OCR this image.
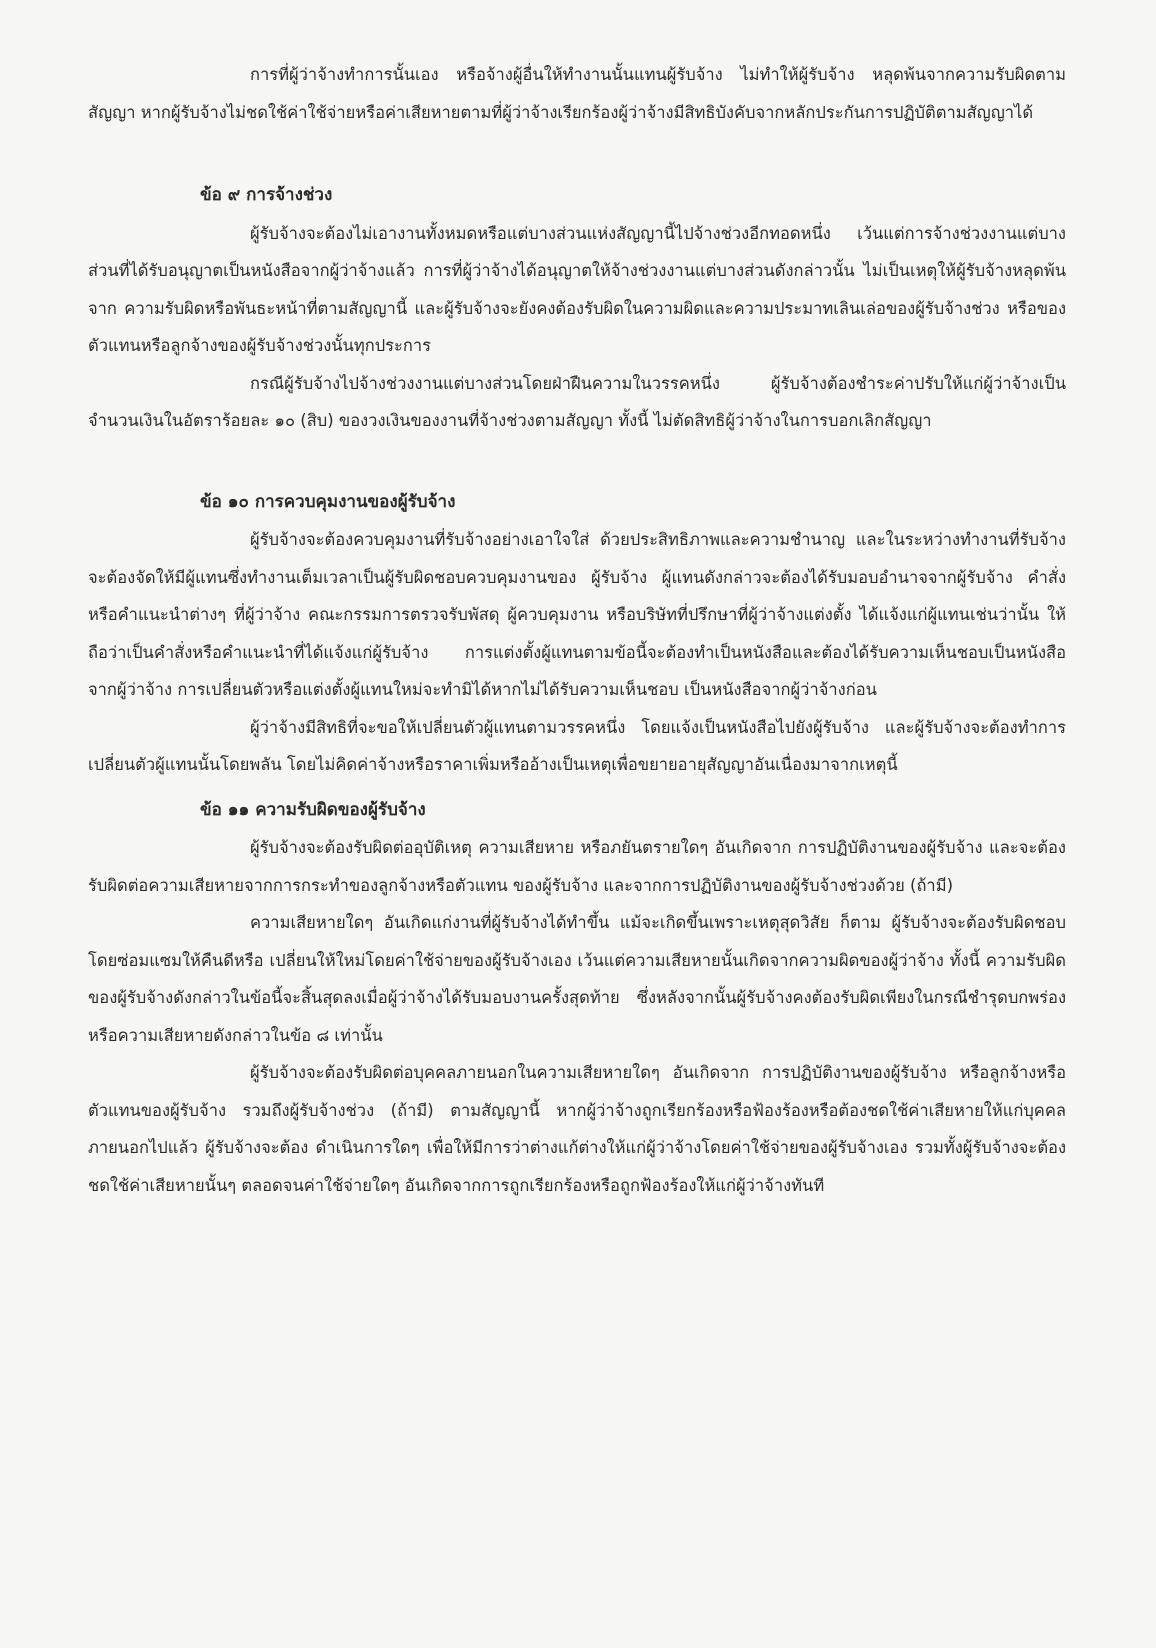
การที่ผู้ว่าจ้างทำการนั้นเอง หรือจ้างผู้อื่นให้ทำงานนั้นแทนผู้รับจ้าง ไม่ทำให้ผู้รับจ้าง หลุดพ้นจากความรับผิดตามสัญญา หากผู้รับจ้างไม่ชดใช้ค่าใช้จ่ายหรือค่าเสียหายตามที่ผู้ว่าจ้างเรียกร้องผู้ว่าจ้างมีสิทธิบังคับจากหลักประกันการปฏิบัติตามสัญญาได้

ข้อ ๙ การจ้างช่วง

ผู้รับจ้างจะต้องไม่เอางานทั้งหมดหรือแต่บางส่วนแห่งสัญญานี้ไปจ้างช่วงอีกทอดหนึ่ง เว้นแต่การจ้างช่วงงานแต่บางส่วนที่ได้รับอนุญาตเป็นหนังสือจากผู้ว่าจ้างแล้ว การที่ผู้ว่าจ้างได้อนุญาตให้จ้างช่วงงานแต่บางส่วนดังกล่าวนั้น ไม่เป็นเหตุให้ผู้รับจ้างหลุดพ้นจาก ความรับผิดหรือพันธะหน้าที่ตามสัญญานี้ และผู้รับจ้างจะยังคงต้องรับผิดในความผิดและความประมาทเลินเล่อของผู้รับจ้างช่วง หรือของตัวแทนหรือลูกจ้างของผู้รับจ้างช่วงนั้นทุกประการ

กรณีผู้รับจ้างไปจ้างช่วงงานแต่บางส่วนโดยฝ่าฝืนความในวรรคหนึ่ง ผู้รับจ้างต้องชำระค่าปรับให้แก่ผู้ว่าจ้างเป็นจำนวนเงินในอัตราร้อยละ ๑๐ (สิบ) ของวงเงินของงานที่จ้างช่วงตามสัญญา ทั้งนี้ ไม่ตัดสิทธิผู้ว่าจ้างในการบอกเลิกสัญญา

ข้อ ๑๐ การควบคุมงานของผู้รับจ้าง

ผู้รับจ้างจะต้องควบคุมงานที่รับจ้างอย่างเอาใจใส่ ด้วยประสิทธิภาพและความชำนาญ และในระหว่างทำงานที่รับจ้างจะต้องจัดให้มีผู้แทนซึ่งทำงานเต็มเวลาเป็นผู้รับผิดชอบควบคุมงานของ ผู้รับจ้าง ผู้แทนดังกล่าวจะต้องได้รับมอบอำนาจจากผู้รับจ้าง คำสั่งหรือคำแนะนำต่างๆ ที่ผู้ว่าจ้าง คณะกรรมการตรวจรับพัสดุ ผู้ควบคุมงาน หรือบริษัทที่ปรึกษาที่ผู้ว่าจ้างแต่งตั้ง ได้แจ้งแก่ผู้แทนเช่นว่านั้น ให้ถือว่าเป็นคำสั่งหรือคำแนะนำที่ได้แจ้งแก่ผู้รับจ้าง การแต่งตั้งผู้แทนตามข้อนี้จะต้องทำเป็นหนังสือและต้องได้รับความเห็นชอบเป็นหนังสือ จากผู้ว่าจ้าง การเปลี่ยนตัวหรือแต่งตั้งผู้แทนใหม่จะทำมิได้หากไม่ได้รับความเห็นชอบ เป็นหนังสือจากผู้ว่าจ้างก่อน

ผู้ว่าจ้างมีสิทธิที่จะขอให้เปลี่ยนตัวผู้แทนตามวรรคหนึ่ง โดยแจ้งเป็นหนังสือไปยังผู้รับจ้าง และผู้รับจ้างจะต้องทำการเปลี่ยนตัวผู้แทนนั้นโดยพลัน โดยไม่คิดค่าจ้างหรือราคาเพิ่มหรืออ้างเป็นเหตุเพื่อขยายอายุสัญญาอันเนื่องมาจากเหตุนี้

ข้อ ๑๑ ความรับผิดของผู้รับจ้าง

ผู้รับจ้างจะต้องรับผิดต่ออุบัติเหตุ ความเสียหาย หรือภยันตรายใดๆ อันเกิดจาก การปฏิบัติงานของผู้รับจ้าง และจะต้องรับผิดต่อความเสียหายจากการกระทำของลูกจ้างหรือตัวแทน ของผู้รับจ้าง และจากการปฏิบัติงานของผู้รับจ้างช่วงด้วย (ถ้ามี)

ความเสียหายใดๆ อันเกิดแก่งานที่ผู้รับจ้างได้ทำขึ้น แม้จะเกิดขึ้นเพราะเหตุสุดวิสัย ก็ตาม ผู้รับจ้างจะต้องรับผิดชอบโดยซ่อมแซมให้คืนดีหรือ เปลี่ยนให้ใหม่โดยค่าใช้จ่ายของผู้รับจ้างเอง เว้นแต่ความเสียหายนั้นเกิดจากความผิดของผู้ว่าจ้าง ทั้งนี้ ความรับผิดของผู้รับจ้างดังกล่าวในข้อนี้จะสิ้นสุดลงเมื่อผู้ว่าจ้างได้รับมอบงานครั้งสุดท้าย ซึ่งหลังจากนั้นผู้รับจ้างคงต้องรับผิดเพียงในกรณีชำรุดบกพร่อง หรือความเสียหายดังกล่าวในข้อ ๘ เท่านั้น

ผู้รับจ้างจะต้องรับผิดต่อบุคคลภายนอกในความเสียหายใดๆ อันเกิดจาก การปฏิบัติงานของผู้รับจ้าง หรือลูกจ้างหรือตัวแทนของผู้รับจ้าง รวมถึงผู้รับจ้างช่วง (ถ้ามี) ตามสัญญานี้ หากผู้ว่าจ้างถูกเรียกร้องหรือฟ้องร้องหรือต้องชดใช้ค่าเสียหายให้แก่บุคคลภายนอกไปแล้ว ผู้รับจ้างจะต้อง ดำเนินการใดๆ เพื่อให้มีการว่าต่างแก้ต่างให้แก่ผู้ว่าจ้างโดยค่าใช้จ่ายของผู้รับจ้างเอง รวมทั้งผู้รับจ้างจะต้องชดใช้ค่าเสียหายนั้นๆ ตลอดจนค่าใช้จ่ายใดๆ อันเกิดจากการถูกเรียกร้องหรือถูกฟ้องร้องให้แก่ผู้ว่าจ้างทันที
